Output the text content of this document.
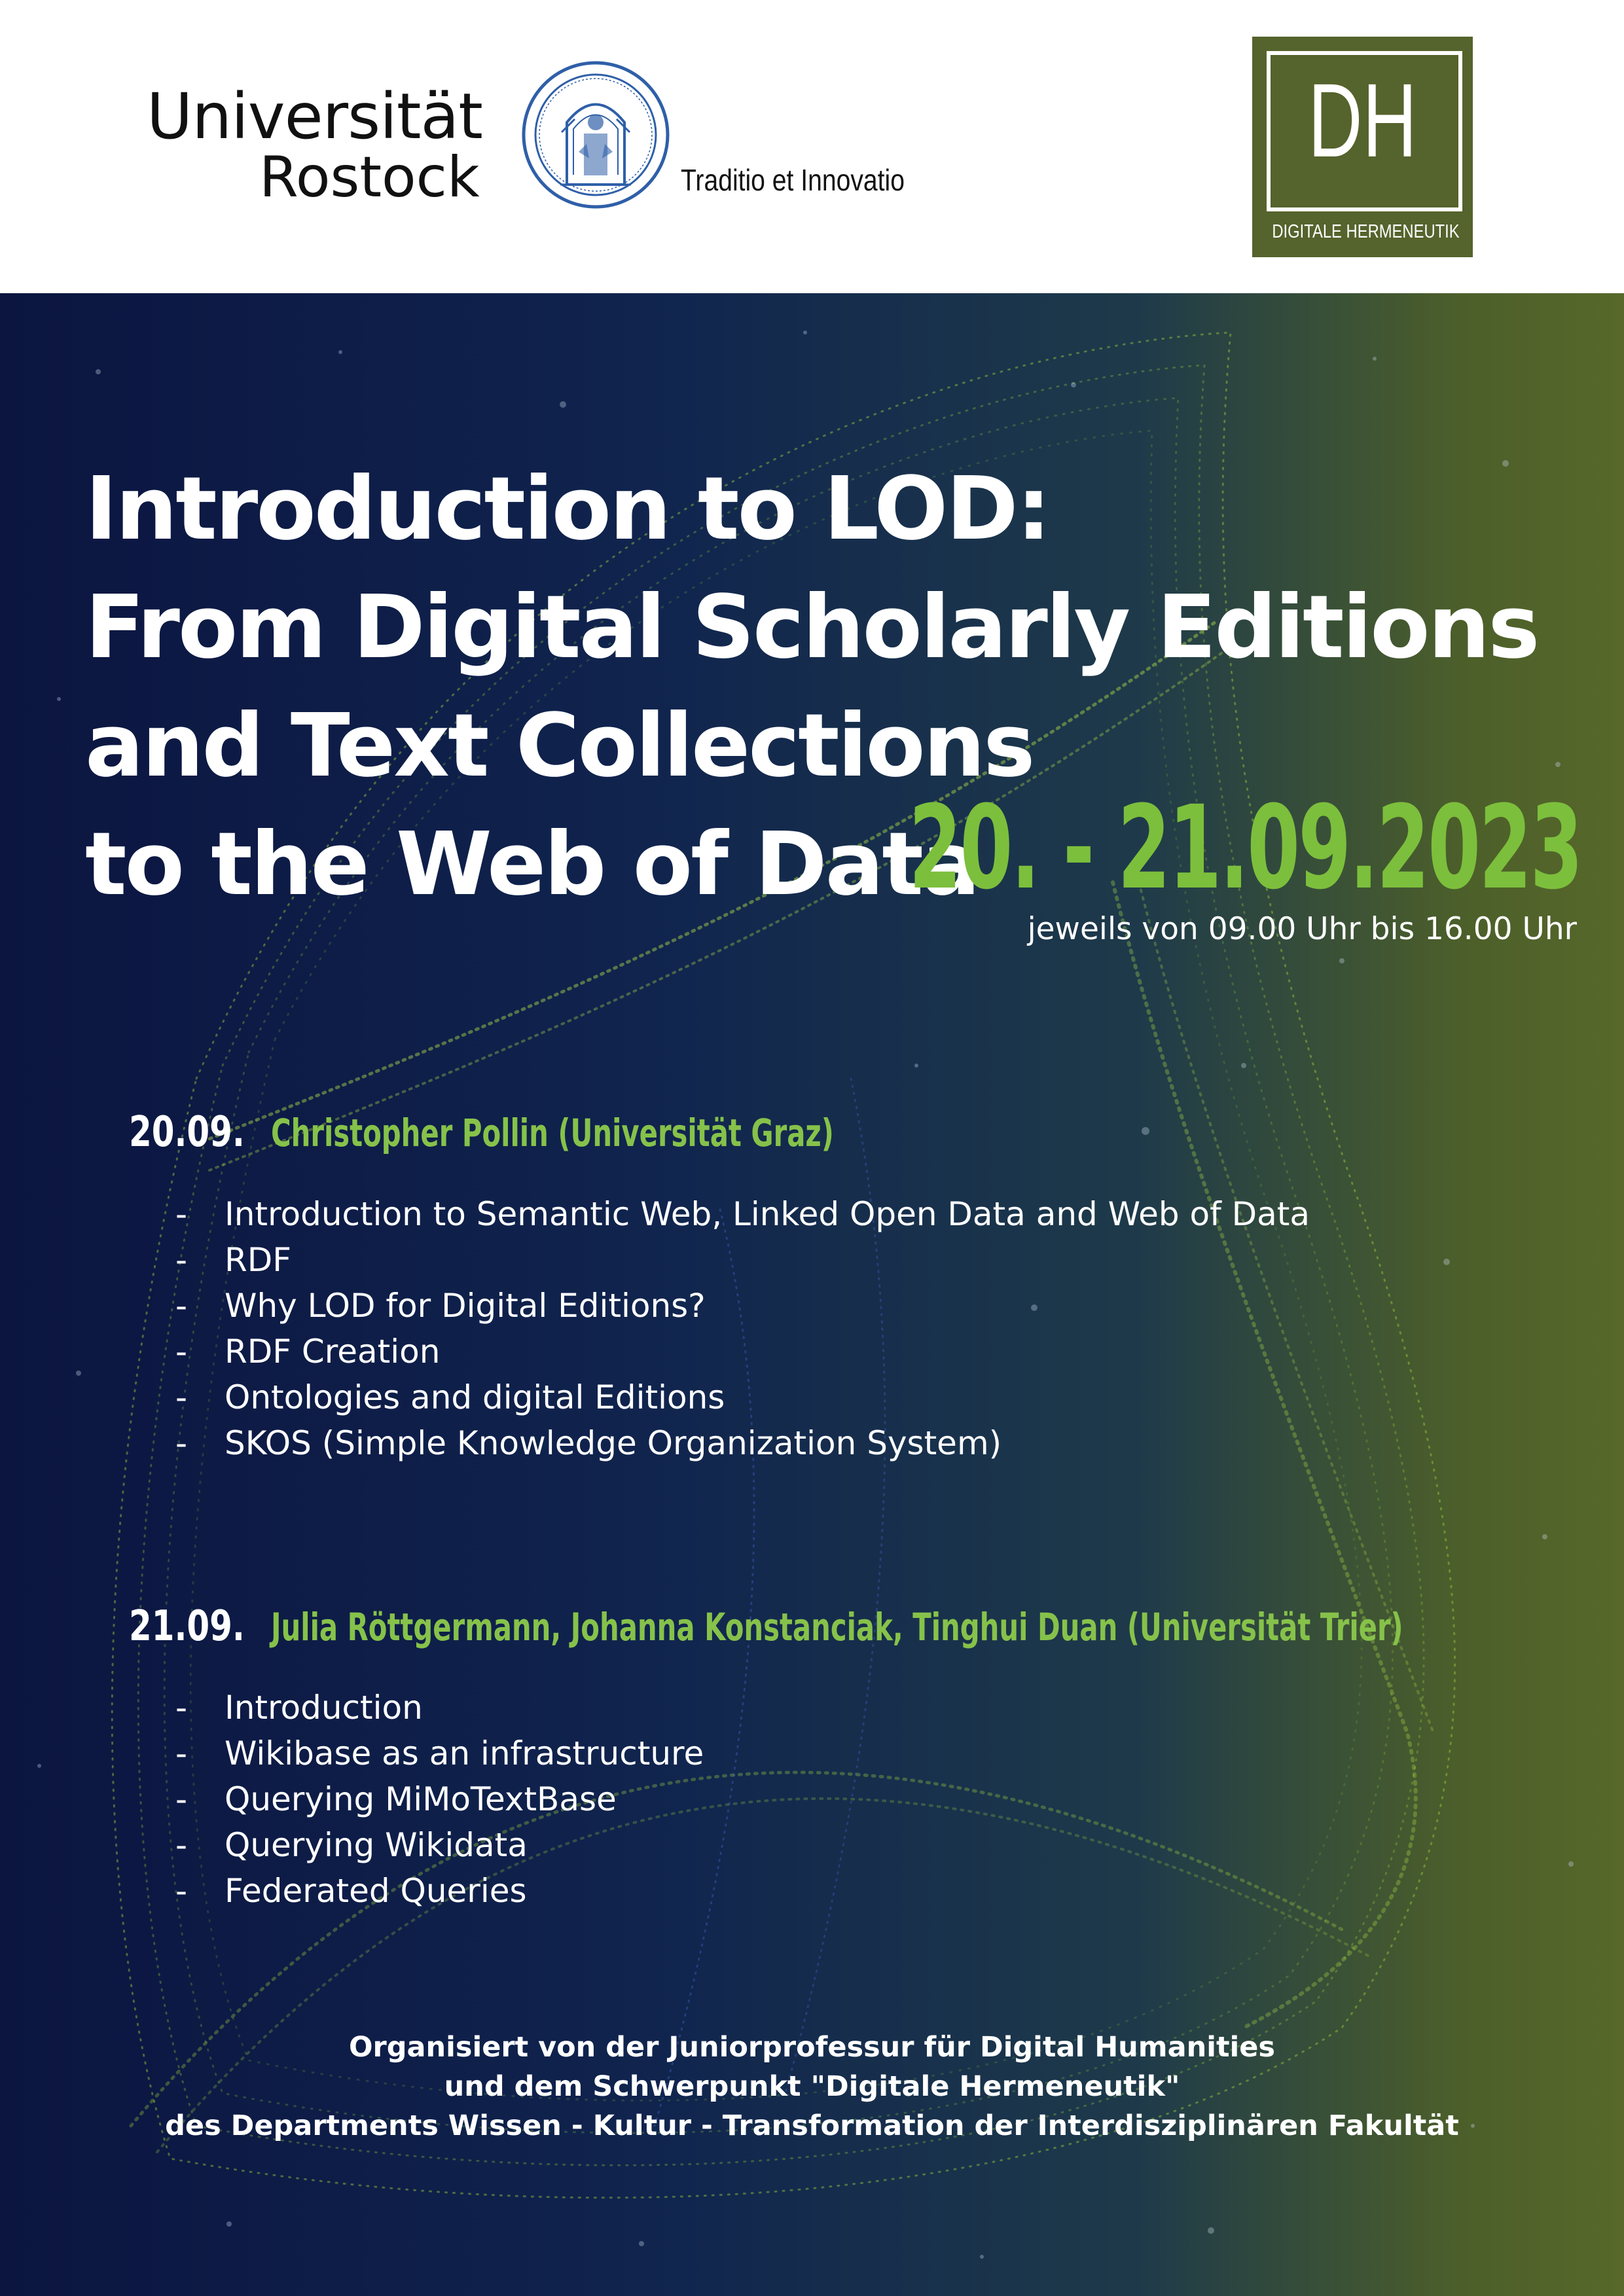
Universität
Rostock	Traditio et Innovatio
DH
DIGITALE HERMENEUTIK
Introduction to LOD:
From Digital Scholarly Editions
and Text Collections
to the Web of Data
20. - 21.09.2023
jeweils von 09.00 Uhr bis 16.00 Uhr
20.09. Christopher Pollin (Universität Graz)
- Introduction to Semantic Web, Linked Open Data and Web of Data
- RDF
- Why LOD for Digital Editions?
- RDF Creation
- Ontologies and digital Editions
- SKOS (Simple Knowledge Organization System)
21.09. Julia Röttgermann, Johanna Konstanciak, Tinghui Duan (Universität Trier)
- Introduction
- Wikibase as an infrastructure
- Querying MiMoTextBase
- Querying Wikidata
- Federated Queries
Organisiert von der Juniorprofessur für Digital Humanities
und dem Schwerpunkt "Digitale Hermeneutik"
des Departments Wissen - Kultur - Transformation der Interdisziplinären Fakultät
